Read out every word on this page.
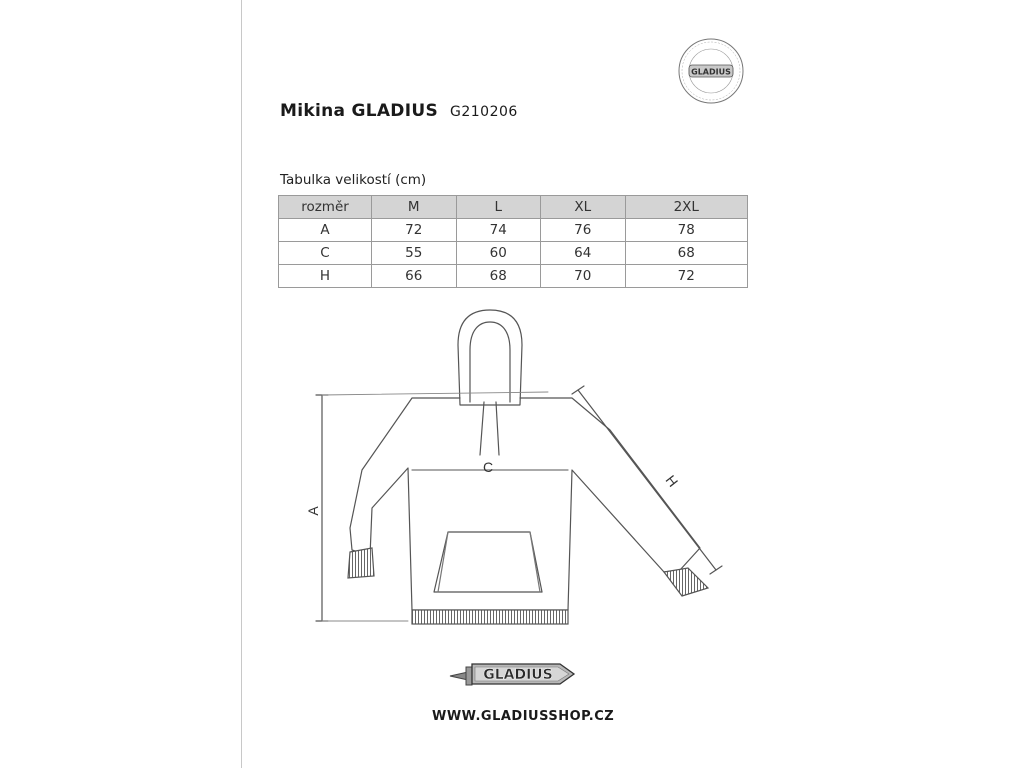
GLADIUS
Mikina GLADIUS G210206
Tabulka velikostí (cm)
rozměr	M	L	XL	2XL
A	72	74	76	78
C	55	60	64	68
H	66	68	70	72
A
C
H
GLADIUS
WWW.GLADIUSSHOP.CZ
